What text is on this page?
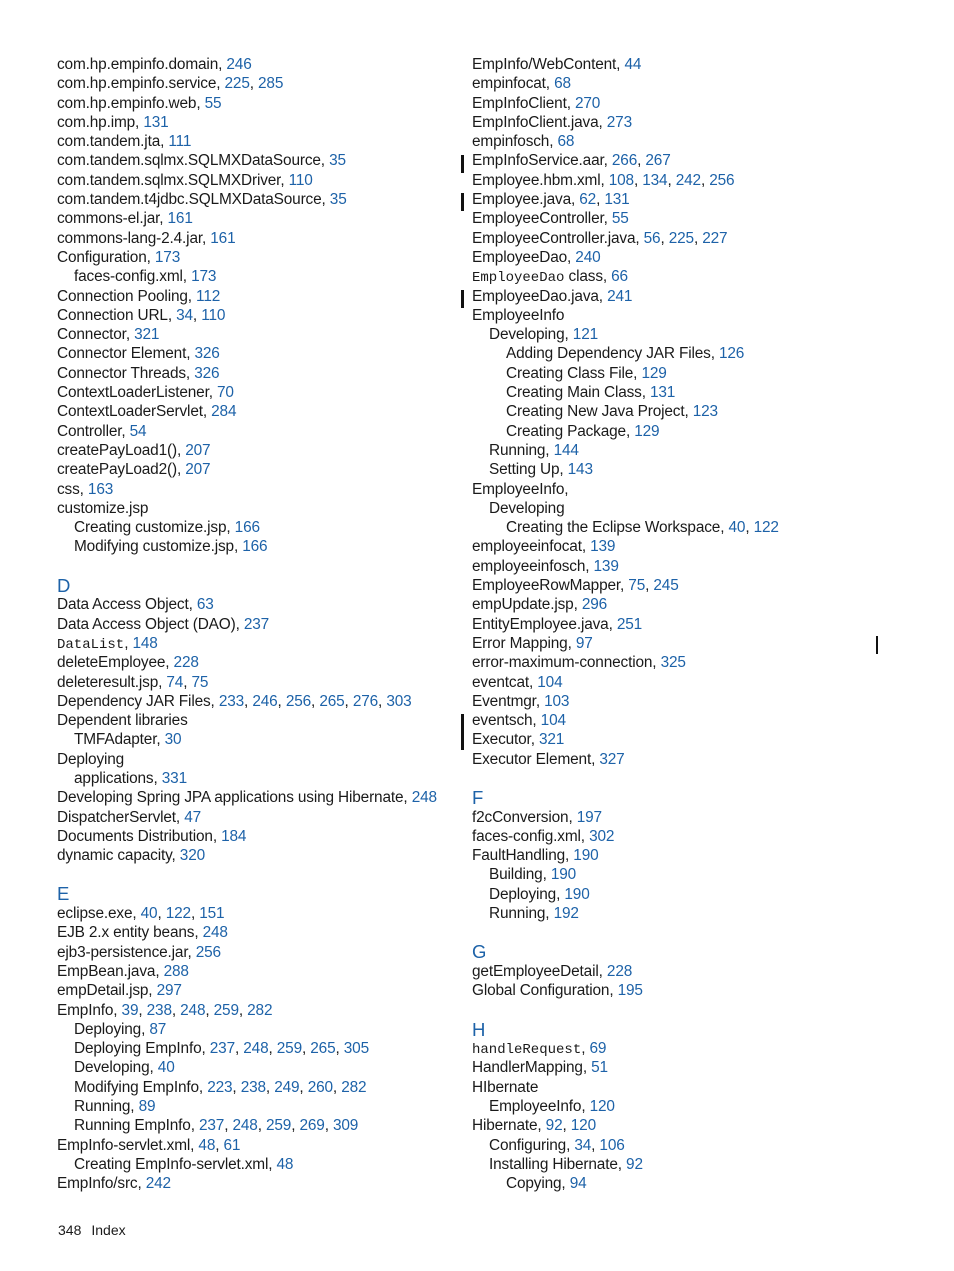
com.hp.empinfo.domain, 246
com.hp.empinfo.service, 225, 285
com.hp.empinfo.web, 55
com.hp.imp, 131
com.tandem.jta, 111
com.tandem.sqlmx.SQLMXDataSource, 35
com.tandem.sqlmx.SQLMXDriver, 110
com.tandem.t4jdbc.SQLMXDataSource, 35
commons-el.jar, 161
commons-lang-2.4.jar, 161
Configuration, 173
faces-config.xml, 173
Connection Pooling, 112
Connection URL, 34, 110
Connector, 321
Connector Element, 326
Connector Threads, 326
ContextLoaderListener, 70
ContextLoaderServlet, 284
Controller, 54
createPayLoad1(), 207
createPayLoad2(), 207
css, 163
customize.jsp
Creating customize.jsp, 166
Modifying customize.jsp, 166
D
Data Access Object, 63
Data Access Object (DAO), 237
DataList, 148
deleteEmployee, 228
deleteresult.jsp, 74, 75
Dependency JAR Files, 233, 246, 256, 265, 276, 303
Dependent libraries
TMFAdapter, 30
Deploying
applications, 331
Developing Spring JPA applications using Hibernate, 248
DispatcherServlet, 47
Documents Distribution, 184
dynamic capacity, 320
E
eclipse.exe, 40, 122, 151
EJB 2.x entity beans, 248
ejb3-persistence.jar, 256
EmpBean.java, 288
empDetail.jsp, 297
EmpInfo, 39, 238, 248, 259, 282
Deploying, 87
Deploying EmpInfo, 237, 248, 259, 265, 305
Developing, 40
Modifying EmpInfo, 223, 238, 249, 260, 282
Running, 89
Running EmpInfo, 237, 248, 259, 269, 309
EmpInfo-servlet.xml, 48, 61
Creating EmpInfo-servlet.xml, 48
EmpInfo/src, 242
EmpInfo/WebContent, 44
empinfocat, 68
EmpInfoClient, 270
EmpInfoClient.java, 273
empinfosch, 68
EmpInfoService.aar, 266, 267
Employee.hbm.xml, 108, 134, 242, 256
Employee.java, 62, 131
EmployeeController, 55
EmployeeController.java, 56, 225, 227
EmployeeDao, 240
EmployeeDao class, 66
EmployeeDao.java, 241
EmployeeInfo
Developing, 121
Adding Dependency JAR Files, 126
Creating Class File, 129
Creating Main Class, 131
Creating New Java Project, 123
Creating Package, 129
Running, 144
Setting Up, 143
EmployeeInfo,
Developing
Creating the Eclipse Workspace, 40, 122
employeeinfocat, 139
employeeinfosch, 139
EmployeeRowMapper, 75, 245
empUpdate.jsp, 296
EntityEmployee.java, 251
Error Mapping, 97
error-maximum-connection, 325
eventcat, 104
Eventmgr, 103
eventsch, 104
Executor, 321
Executor Element, 327
F
f2cConversion, 197
faces-config.xml, 302
FaultHandling, 190
Building, 190
Deploying, 190
Running, 192
G
getEmployeeDetail, 228
Global Configuration, 195
H
handleRequest, 69
HandlerMapping, 51
HIbernate
EmployeeInfo, 120
Hibernate, 92, 120
Configuring, 34, 106
Installing Hibernate, 92
Copying, 94
348 Index
